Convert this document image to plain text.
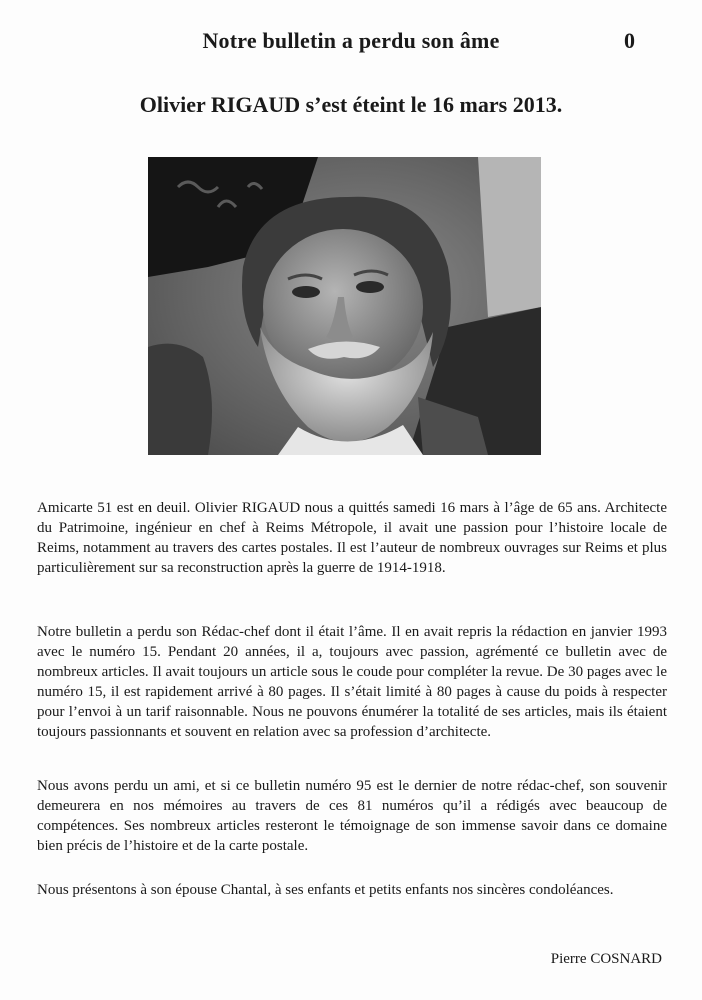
Notre bulletin a perdu son âme	0
Olivier RIGAUD s’est éteint le 16 mars 2013.
Amicarte 51 est en deuil. Olivier RIGAUD nous a quittés samedi 16 mars à l’âge de 65 ans. Architecte du Patrimoine, ingénieur en chef à Reims Métropole, il avait une passion pour l’histoire locale de Reims, notamment au travers des cartes postales. Il est l’auteur de nombreux ouvrages sur Reims et plus particulièrement sur sa reconstruction après la guerre de 1914-1918.
Notre bulletin a perdu son Rédac-chef dont il était l’âme. Il en avait repris la rédaction en janvier 1993 avec le numéro 15. Pendant 20 années, il a, toujours avec passion, agrémenté ce bulletin avec de nombreux articles. Il avait toujours un article sous le coude pour compléter la revue. De 30 pages avec le numéro 15, il est rapidement arrivé à 80 pages. Il s’était limité à 80 pages à cause du poids à respecter pour l’envoi à un tarif raisonnable. Nous ne pouvons énumérer la totalité de ses articles, mais ils étaient toujours passionnants et souvent en relation avec sa profession d’architecte.
Nous avons perdu un ami, et si ce bulletin numéro 95 est le dernier de notre rédac-chef, son souvenir demeurera en nos mémoires au travers de ces 81 numéros qu’il a rédigés avec beaucoup de compétences. Ses nombreux articles resteront le témoignage de son immense savoir dans ce domaine bien précis de l’histoire et de la carte postale.
Nous présentons à son épouse Chantal, à ses enfants et petits enfants nos sincères condoléances.
Pierre COSNARD
